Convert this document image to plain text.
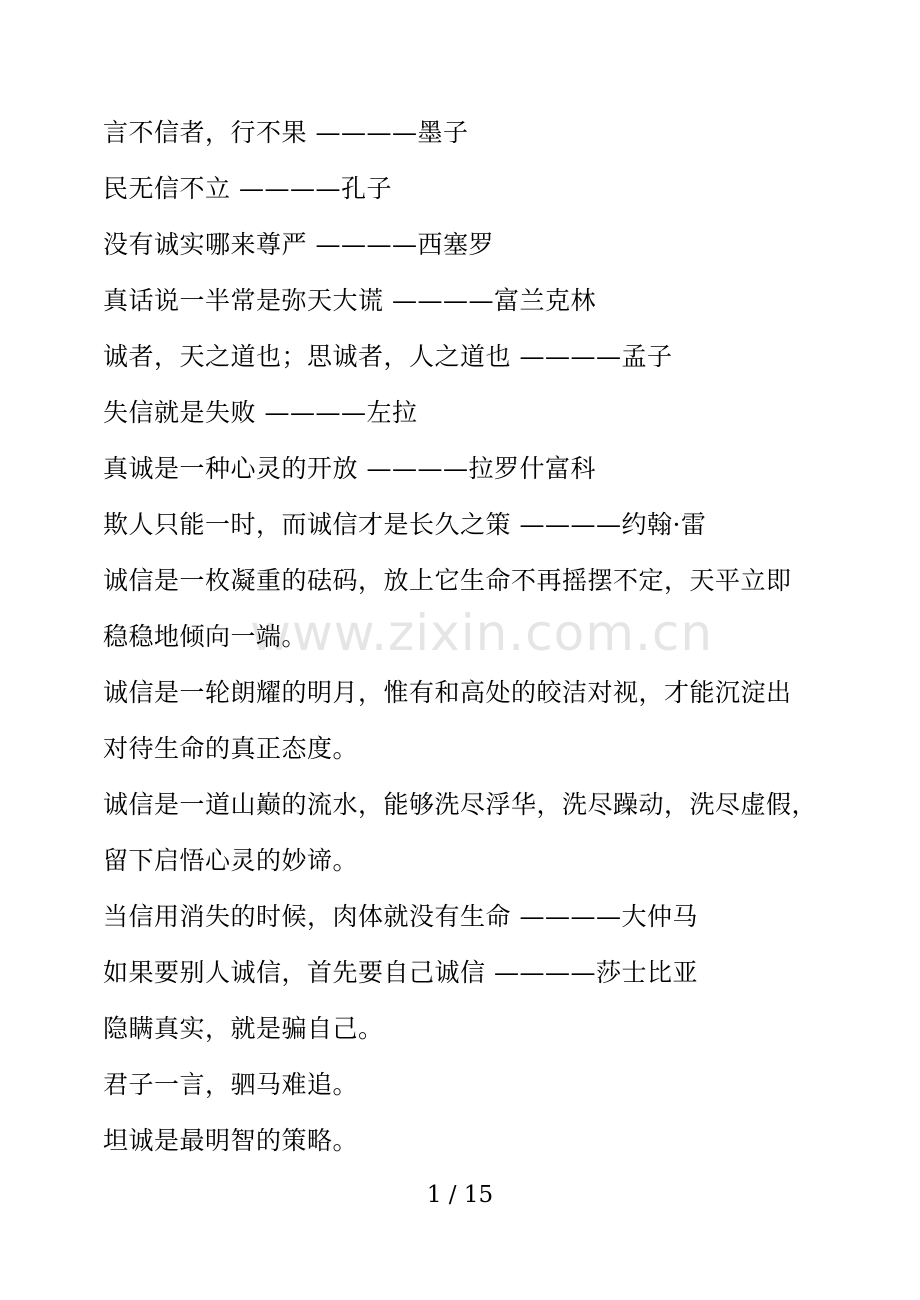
言不信者，行不果 ————墨子
民无信不立 ————孔子
没有诚实哪来尊严 ————西塞罗
真话说一半常是弥天大谎 ————富兰克林
诚者，天之道也；思诚者，人之道也 ————孟子
失信就是失败 ————左拉
真诚是一种心灵的开放 ————拉罗什富科
欺人只能一时，而诚信才是长久之策 ————约翰·雷
诚信是一枚凝重的砝码，放上它生命不再摇摆不定，天平立即
稳稳地倾向一端。
诚信是一轮朗耀的明月，惟有和高处的皎洁对视，才能沉淀出
对待生命的真正态度。
诚信是一道山巅的流水，能够洗尽浮华，洗尽躁动，洗尽虚假，
留下启悟心灵的妙谛。
当信用消失的时候，肉体就没有生命 ————大仲马
如果要别人诚信，首先要自己诚信 ————莎士比亚
隐瞒真实，就是骗自己。
君子一言，驷马难追。
坦诚是最明智的策略。
www.zixin.com.cn
1 / 15
